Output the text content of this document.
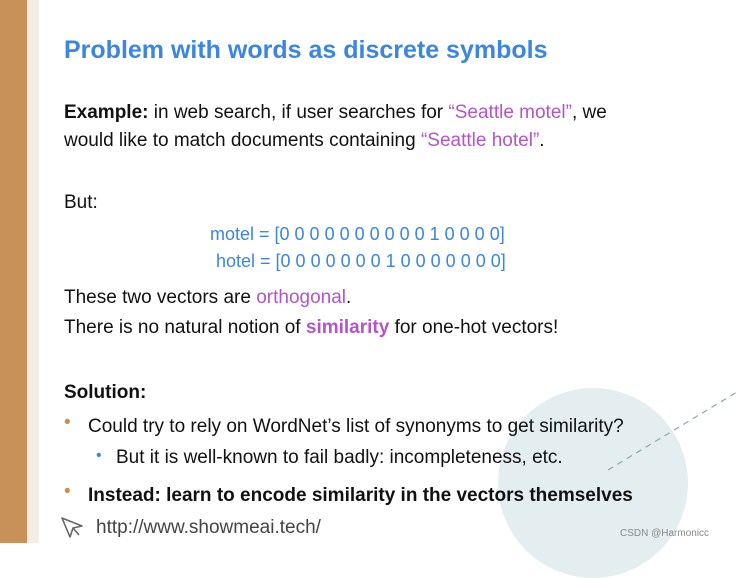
Problem with words as discrete symbols
Example: in web search, if user searches for “Seattle motel”, we
would like to match documents containing “Seattle hotel”.
But:
motel = [0 0 0 0 0 0 0 0 0 0 1 0 0 0 0]
hotel = [0 0 0 0 0 0 0 1 0 0 0 0 0 0 0]
These two vectors are orthogonal.
There is no natural notion of similarity for one-hot vectors!
Solution:
• Could try to rely on WordNet’s list of synonyms to get similarity?
• But it is well-known to fail badly: incompleteness, etc.
• Instead: learn to encode similarity in the vectors themselves
http://www.showmeai.tech/	CSDN @Harmonicc
